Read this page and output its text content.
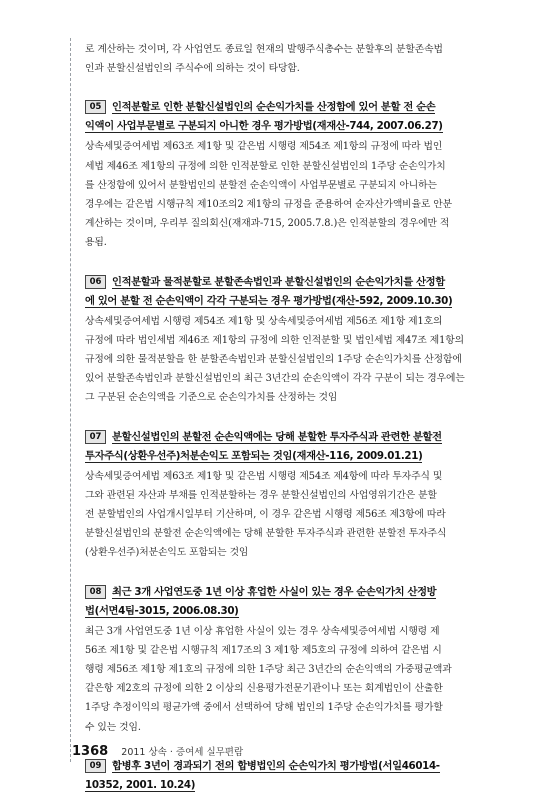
로 계산하는 것이며, 각 사업연도 종료일 현재의 발행주식총수는 분할후의 분할존속법
인과 분할신설법인의 주식수에 의하는 것이 타당함.
05 인적분할로 인한 분할신설법인의 순손익가치를 산정함에 있어 분할 전 순손
익액이 사업부문별로 구분되지 아니한 경우 평가방법(재재산-744, 2007.06.27)
상속세및증여세법 제63조 제1항 및 같은법 시행령 제54조 제1항의 규정에 따라 법인
세법 제46조 제1항의 규정에 의한 인적분할로 인한 분할신설법인의 1주당 순손익가치
를 산정함에 있어서 분할법인의 분할전 순손익액이 사업부문별로 구분되지 아니하는
경우에는 같은법 시행규칙 제10조의2 제1항의 규정을 준용하여 순자산가액비율로 안분
계산하는 것이며, 우리부 질의회신(재재과-715, 2005.7.8.)은 인적분할의 경우에만 적
용됨.
06 인적분할과 물적분할로 분할존속법인과 분할신설법인의 순손익가치를 산정함
에 있어 분할 전 순손익액이 각각 구분되는 경우 평가방법(재산-592, 2009.10.30)
상속세및증여세법 시행령 제54조 제1항 및 상속세및증여세법 제56조 제1항 제1호의
규정에 따라 법인세법 제46조 제1항의 규정에 의한 인적분할 및 법인세법 제47조 제1항의
규정에 의한 물적분할을 한 분할존속법인과 분할신설법인의 1주당 순손익가치를 산정함에
있어 분할존속법인과 분할신설법인의 최근 3년간의 순손익액이 각각 구분이 되는 경우에는
그 구분된 순손익액을 기준으로 순손익가치를 산정하는 것임
07 분할신설법인의 분할전 순손익액에는 당해 분할한 투자주식과 관련한 분할전
투자주식(상환우선주)처분손익도 포함되는 것임(재재산-116, 2009.01.21)
상속세및증여세법 제63조 제1항 및 같은법 시행령 제54조 제4항에 따라 투자주식 및
그와 관련된 자산과 부채를 인적분할하는 경우 분할신설법인의 사업영위기간은 분할
전 분할법인의 사업개시일부터 기산하며, 이 경우 같은법 시행령 제56조 제3항에 따라
분할신설법인의 분할전 순손익액에는 당해 분할한 투자주식과 관련한 분할전 투자주식
(상환우선주)처분손익도 포함되는 것임
08 최근 3개 사업연도중 1년 이상 휴업한 사실이 있는 경우 순손익가치 산정방
법(서면4팀-3015, 2006.08.30)
최근 3개 사업연도중 1년 이상 휴업한 사실이 있는 경우 상속세및증여세법 시행령 제
56조 제1항 및 같은법 시행규칙 제17조의 3 제1항 제5호의 규정에 의하여 같은법 시
행령 제56조 제1항 제1호의 규정에 의한 1주당 최근 3년간의 순손익액의 가중평균액과
같은항 제2호의 규정에 의한 2 이상의 신용평가전문기관이나 또는 회계법인이 산출한
1주당 추정이익의 평균가액 중에서 선택하여 당해 법인의 1주당 순손익가치를 평가할
수 있는 것임.
09 합병후 3년이 경과되기 전의 합병법인의 순손익가치 평가방법(서일46014-
10352, 2001. 10.24)
1368 2011 상속 · 증여세 실무편람
